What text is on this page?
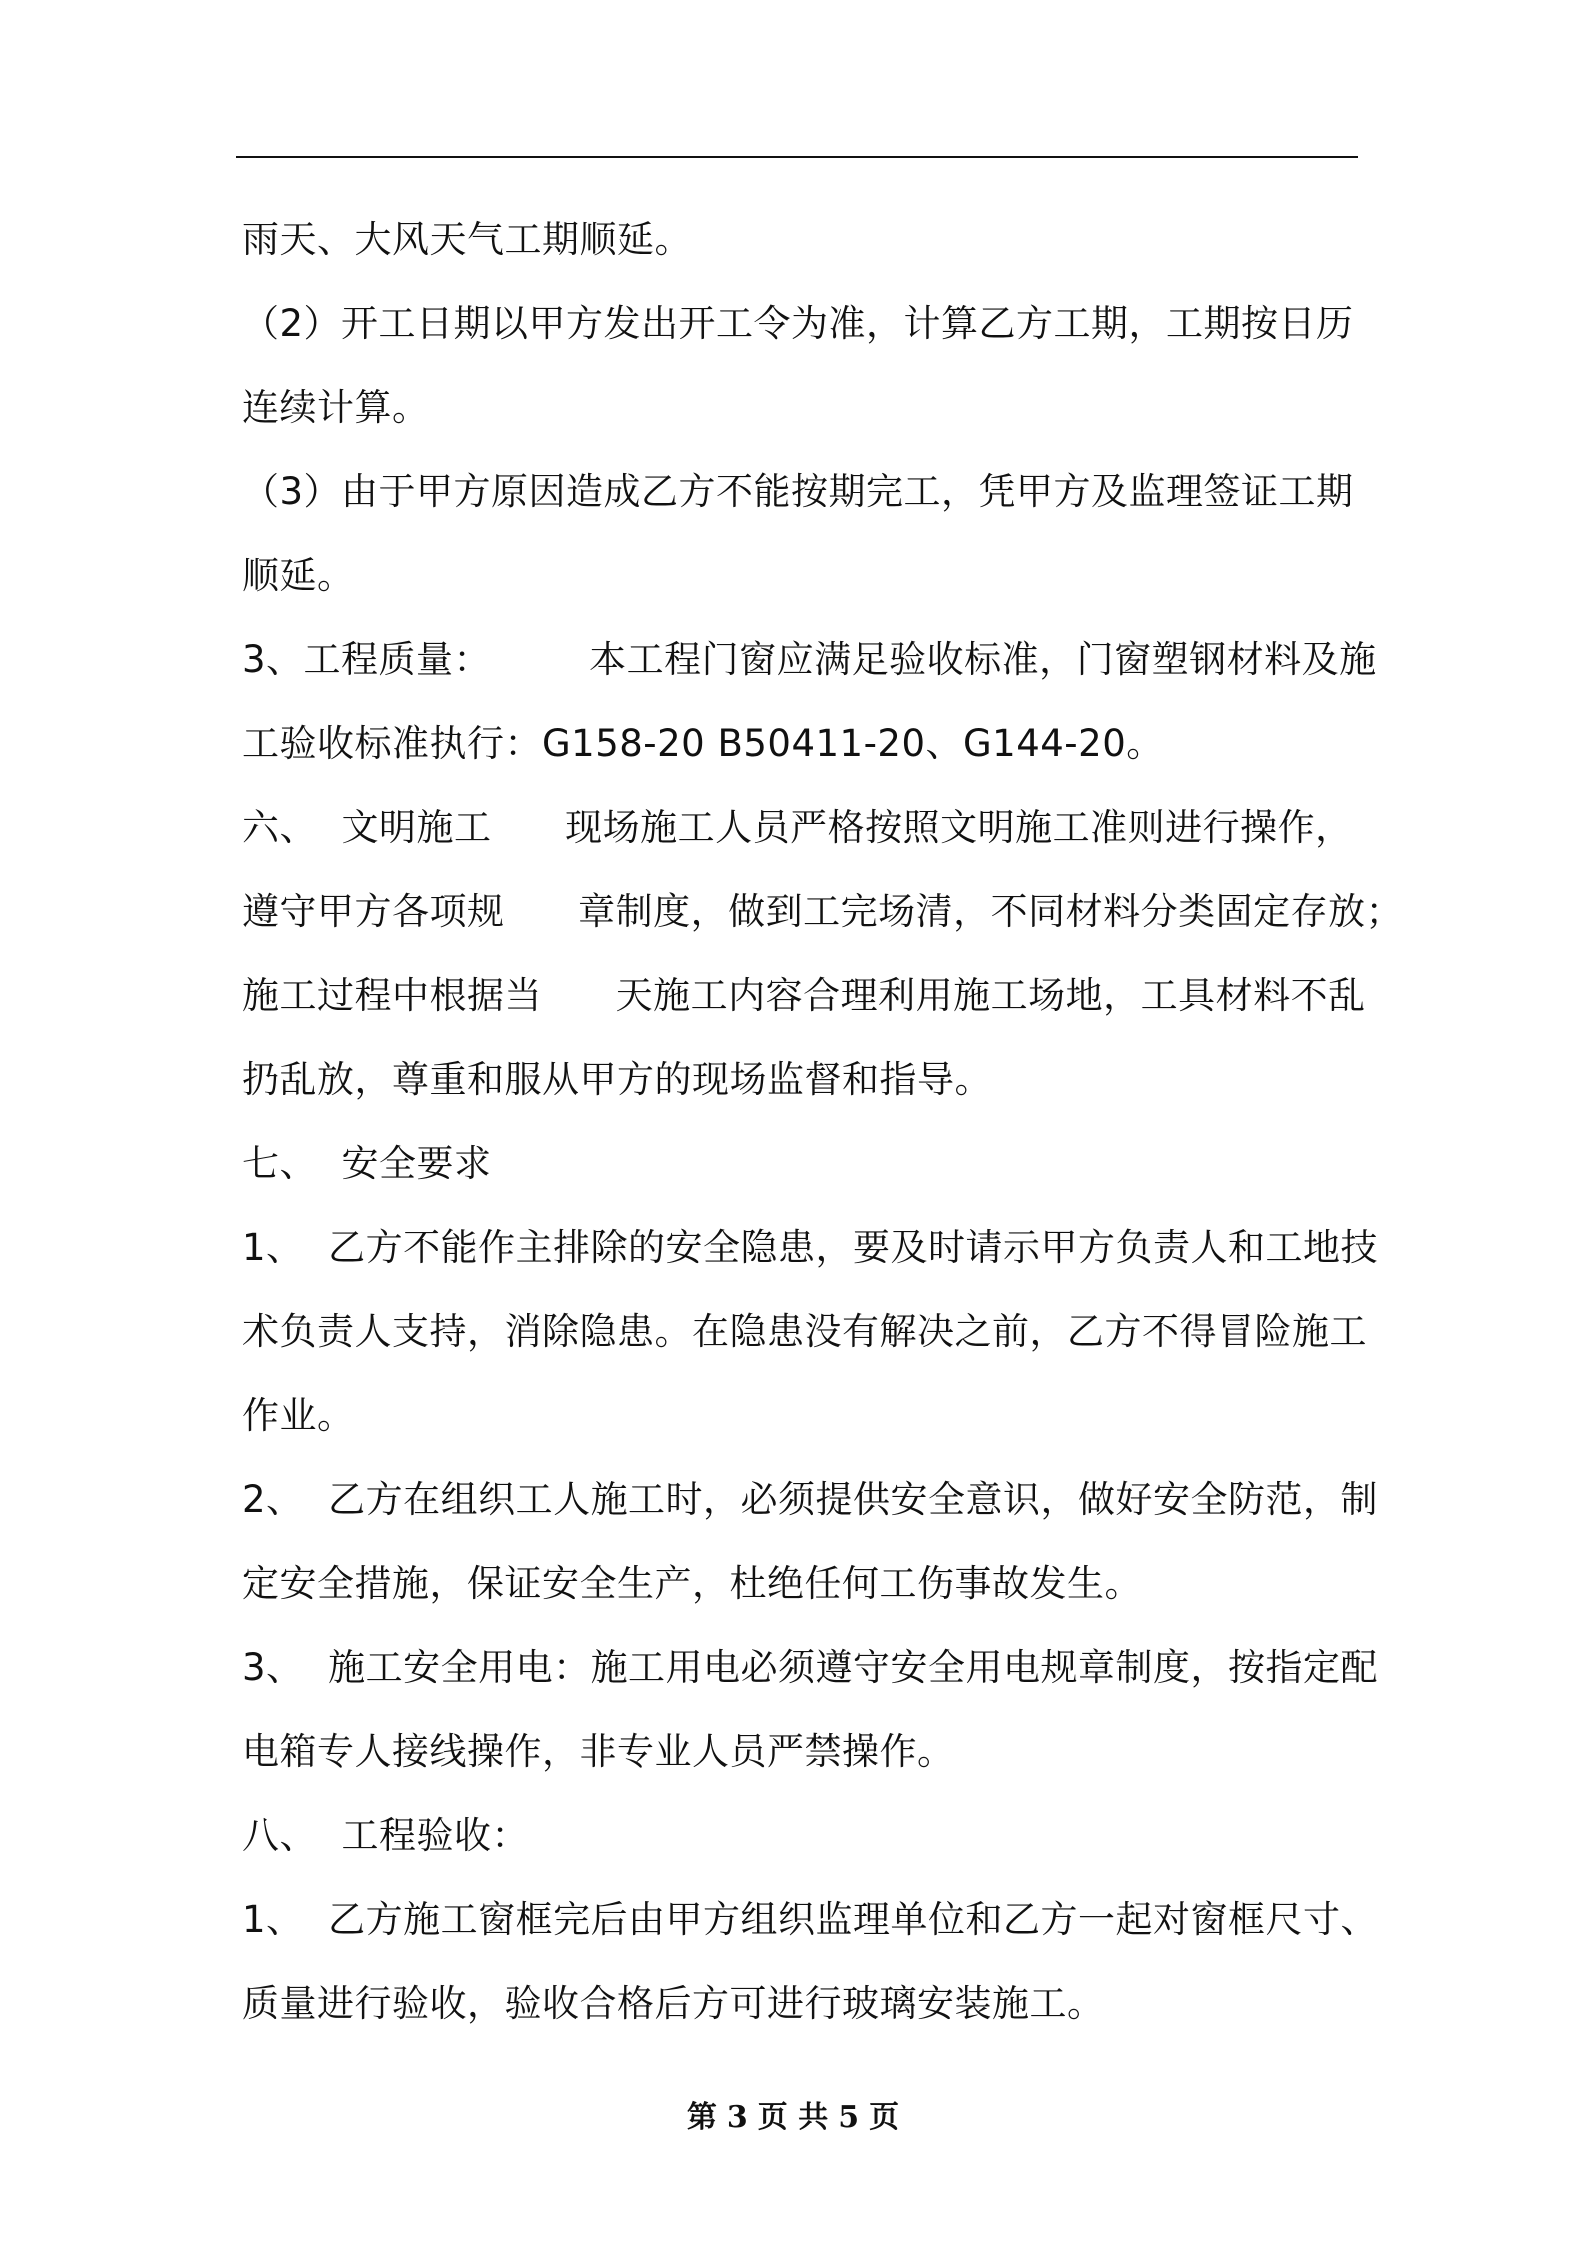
雨天、大风天气工期顺延。
（2）开工日期以甲方发出开工令为准，计算乙方工期，工期按日历
连续计算。
（3）由于甲方原因造成乙方不能按期完工，凭甲方及监理签证工期
顺延。
3、工程质量：        本工程门窗应满足验收标准，门窗塑钢材料及施
工验收标准执行：G158-20 B50411-20、G144-20。
六、  文明施工      现场施工人员严格按照文明施工准则进行操作，
遵守甲方各项规      章制度，做到工完场清，不同材料分类固定存放；
施工过程中根据当      天施工内容合理利用施工场地，工具材料不乱
扔乱放，尊重和服从甲方的现场监督和指导。
七、  安全要求
1、  乙方不能作主排除的安全隐患，要及时请示甲方负责人和工地技
术负责人支持，消除隐患。在隐患没有解决之前，乙方不得冒险施工
作业。
2、  乙方在组织工人施工时，必须提供安全意识，做好安全防范，制
定安全措施，保证安全生产，杜绝任何工伤事故发生。
3、  施工安全用电：施工用电必须遵守安全用电规章制度，按指定配
电箱专人接线操作，非专业人员严禁操作。
八、  工程验收：
1、  乙方施工窗框完后由甲方组织监理单位和乙方一起对窗框尺寸、
质量进行验收，验收合格后方可进行玻璃安装施工。
第 3 页 共 5 页
